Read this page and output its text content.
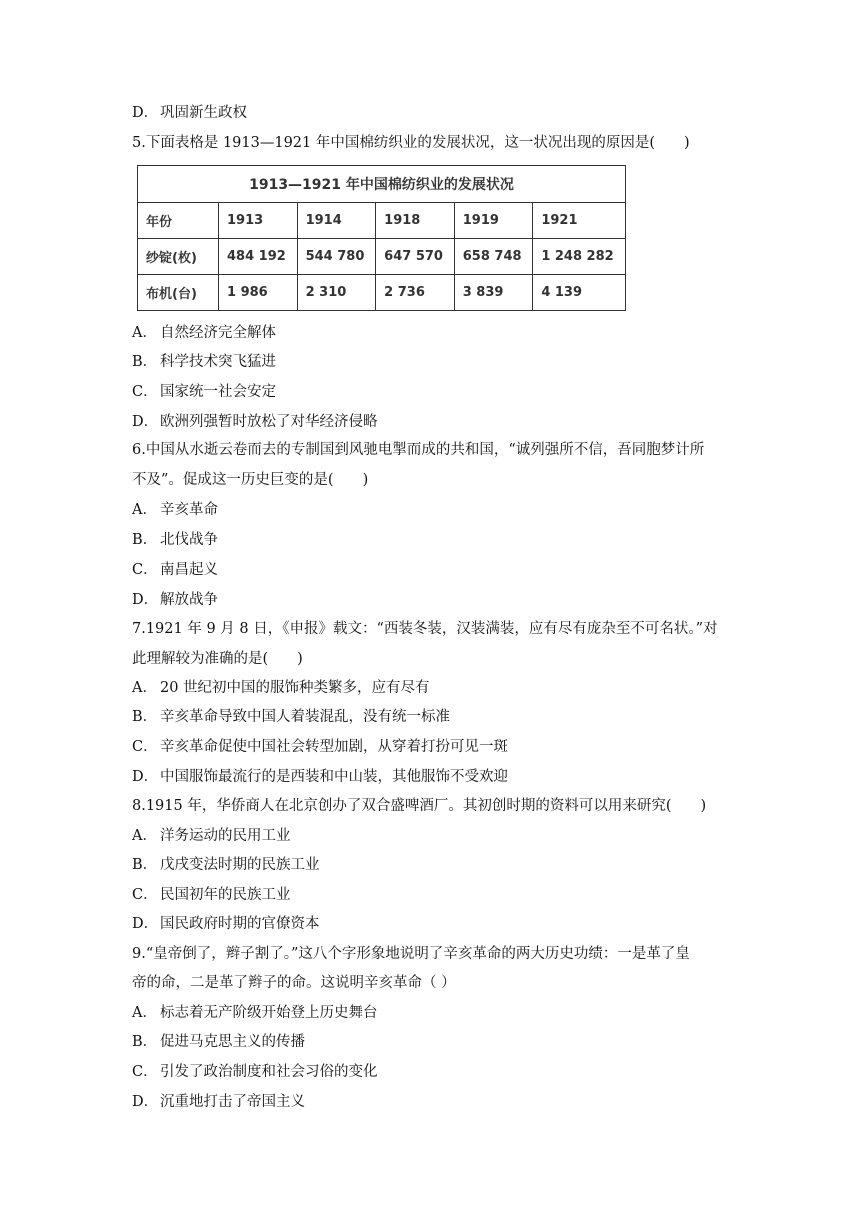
D． 巩固新生政权
5.下面表格是 1913—1921 年中国棉纺织业的发展状况，这一状况出现的原因是(　　)
1913—1921 年中国棉纺织业的发展状况					
年份	1913	1914	1918	1919	1921
纱锭(枚)	484 192	544 780	647 570	658 748	1 248 282
布机(台)	1 986	2 310	2 736	3 839	4 139
A． 自然经济完全解体
B． 科学技术突飞猛进
C． 国家统一社会安定
D． 欧洲列强暂时放松了对华经济侵略
6.中国从水逝云卷而去的专制国到风驰电掣而成的共和国，“诚列强所不信，吾同胞梦计所
不及”。促成这一历史巨变的是(　　)
A． 辛亥革命
B． 北伐战争
C． 南昌起义
D． 解放战争
7.1921 年 9 月 8 日，《申报》载文：“西装冬装，汉装满装，应有尽有庞杂至不可名状。”对
此理解较为准确的是(　　)
A． 20 世纪初中国的服饰种类繁多，应有尽有
B． 辛亥革命导致中国人着装混乱，没有统一标准
C． 辛亥革命促使中国社会转型加剧，从穿着打扮可见一斑
D． 中国服饰最流行的是西装和中山装，其他服饰不受欢迎
8.1915 年，华侨商人在北京创办了双合盛啤酒厂。其初创时期的资料可以用来研究(　　)
A． 洋务运动的民用工业
B． 戊戌变法时期的民族工业
C． 民国初年的民族工业
D． 国民政府时期的官僚资本
9.“皇帝倒了，辫子割了。”这八个字形象地说明了辛亥革命的两大历史功绩：一是革了皇
帝的命，二是革了辫子的命。这说明辛亥革命（ ）
A． 标志着无产阶级开始登上历史舞台
B． 促进马克思主义的传播
C． 引发了政治制度和社会习俗的变化
D． 沉重地打击了帝国主义
